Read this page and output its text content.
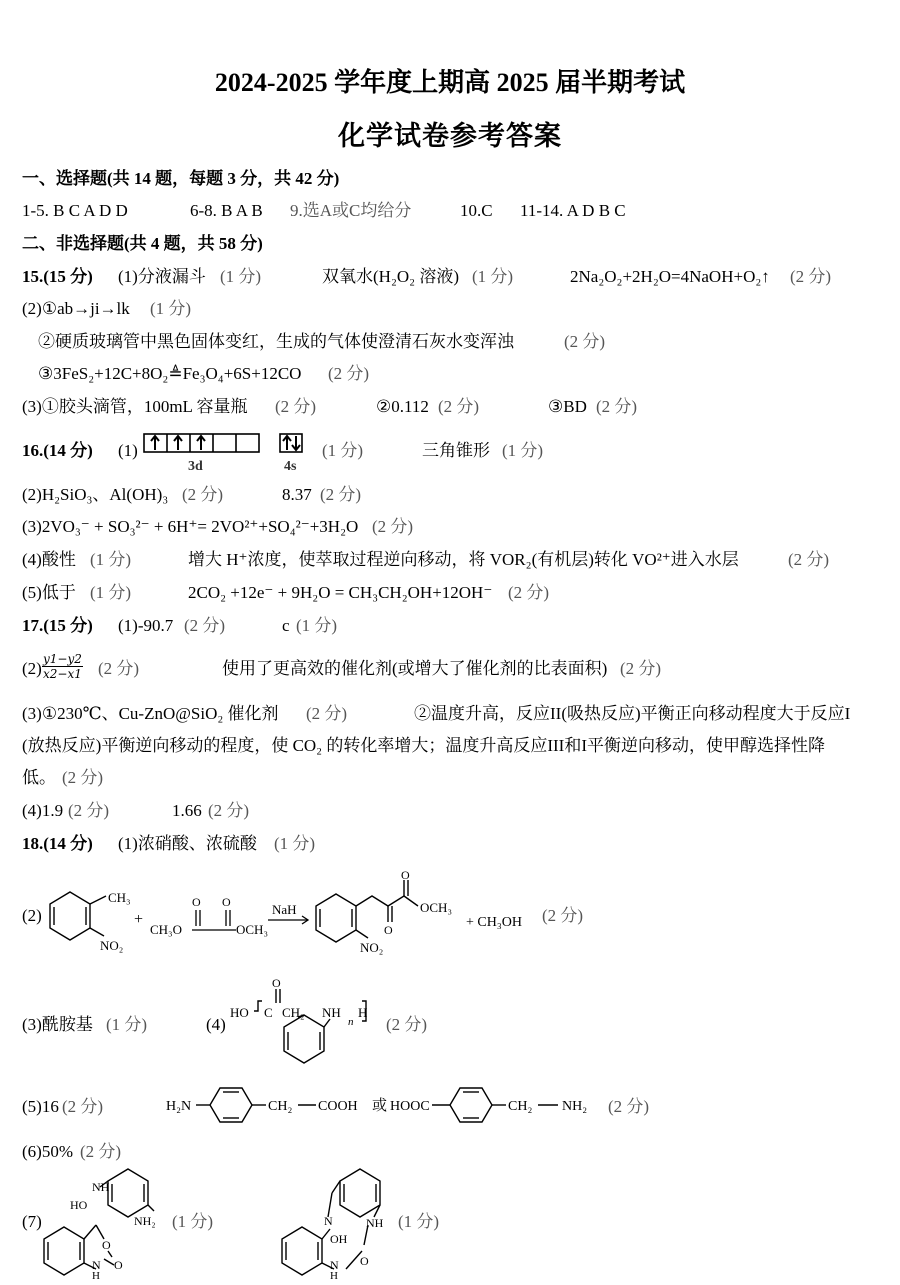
2024-2025 学年度上期高 2025 届半期考试
化学试卷参考答案
一、选择题(共 14 题，每题 3 分，共 42 分)
1-5. B C A D D	6-8. B A B 9.选A或C均给分	10.C 11-14. A D B C
二、非选择题(共 4 题，共 58 分)
15.(15 分) (1)分液漏斗 (1 分)	双氧水(H₂O₂ 溶液) (1 分)	2Na₂O₂+2H₂O=4NaOH+O₂↑ (2 分)
(2)①ab→ji→lk (1 分)
②硬质玻璃管中黑色固体变红，生成的气体使澄清石灰水变浑浊	(2 分)
③3FeS₂+12C+8O₂≜Fe₃O₄+6S+12CO (2 分)
(3)①胶头滴管，100mL 容量瓶 (2 分)	②0.112 (2 分)	③BD (2 分)
16.(14 分) (1)
3d	4s
(1 分)	三角锥形 (1 分)
(2)H₂SiO₃、Al(OH)₃ (2 分)	8.37 (2 分)
(3)2VO₃⁻ + SO₃²⁻ + 6H⁺= 2VO²⁺+SO₄²⁻+3H₂O (2 分)
(4)酸性 (1 分)	增大 H⁺浓度，使萃取过程逆向移动，将 VOR₂(有机层)转化 VO²⁺进入水层	(2 分)
(5)低于 (1 分)	2CO₂ +12e⁻ + 9H₂O = CH₃CH₂OH+12OH⁻ (2 分)
17.(15 分) (1)-90.7 (2 分)	c (1 分)
$(2) \frac{y1-y2}{x2-x1} (2$ 分)	使用了更高效的催化剂(或增大了催化剂的比表面积) (2 分)
(3)①230℃、Cu-ZnO@SiO₂ 催化剂 (2 分)	②温度升高，反应II(吸热反应)平衡正向移动程度大于反应I
(放热反应)平衡逆向移动的程度，使 CO₂ 的转化率增大；温度升高反应III和I平衡逆向移动，使甲醇选择性降
低。 (2 分)
(4)1.9 (2 分)	1.66 (2 分)
18.(14 分) (1)浓硝酸、浓硫酸 (1 分)
(2)
CH₃
NO₂
+
CH₃O
O O
OCH₃
NaH
O
O
OCH₃
NO₂
+ CH₃OH (2 分)
(3)酰胺基 (1 分)	(4)
HO
O
C CH₂ NH
n
H
(2 分)
(5)16 (2 分)	H₂N	CH₂ COOH 或 HOOC	CH₂ NH₂ (2 分)
(6)50% (2 分)
(7)
HO
NH
NH₂
O
O
N
H
(1 分)	N	NH
OH
N
H
O
(1 分)
